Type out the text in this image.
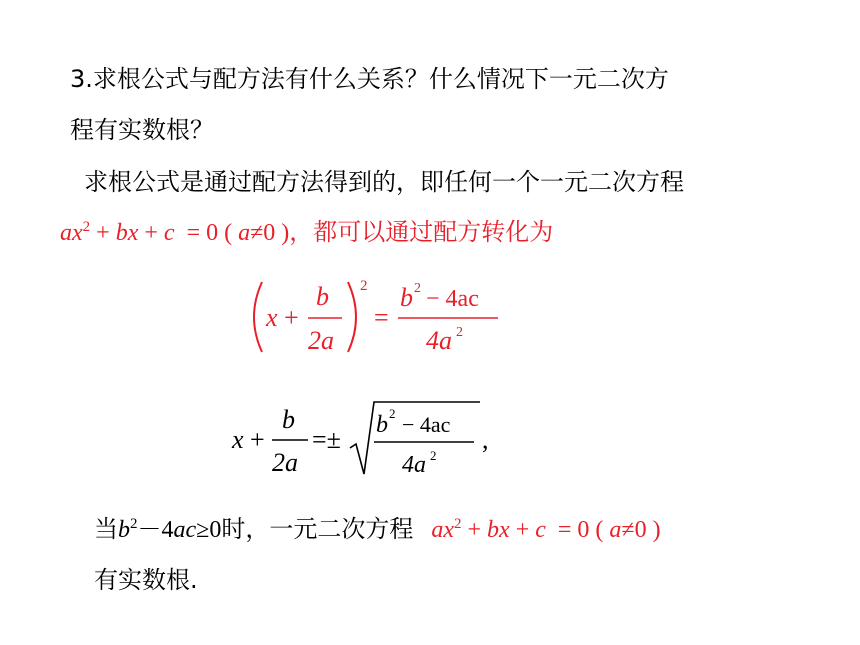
3.求根公式与配方法有什么关系？什么情况下一元二次方
程有实数根？
求根公式是通过配方法得到的，即任何一个一元二次方程
$ax^2$ + bx + c  = 0 ( a≠0 )，都可以通过配方转化为
x +
b
2a
2
=
b 2 − 4ac
4a 2
x +
b
2a
=± b 2 − 4ac
4a 2
,
当$b^2-4ac\ge 0$时，一元二次方程 $ax^2$ + bx + c  = 0 ( a≠0 )
有实数根.
